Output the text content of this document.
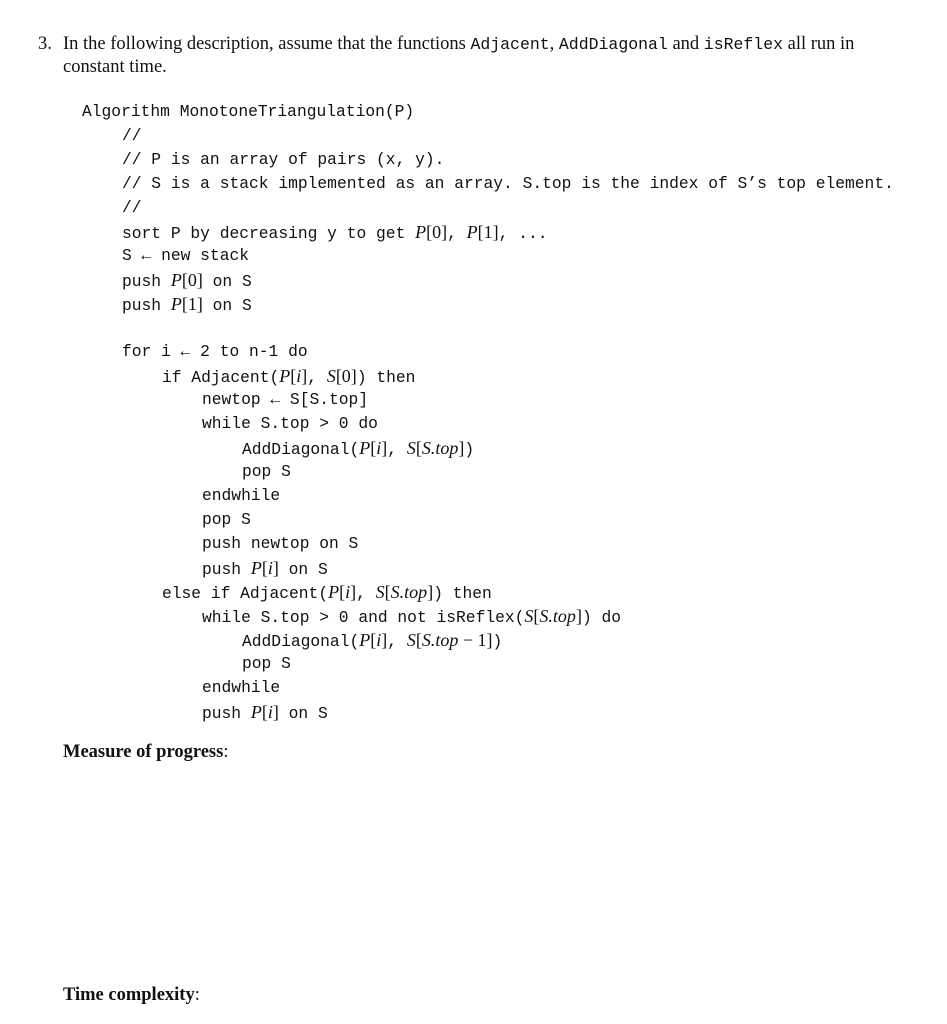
3. In the following description, assume that the functions Adjacent, AddDiagonal and isReflex all run in constant time.
Algorithm MonotoneTriangulation(P)
//
// P is an array of pairs (x, y).
// S is a stack implemented as an array. S.top is the index of S’s top element.
//
sort P by decreasing y to get P[0], P[1], ...
S ← new stack
push P[0] on S
push P[1] on S
for i ← 2 to n-1 do
if Adjacent(P[i], S[0]) then
newtop ← S[S.top]
while S.top > 0 do
AddDiagonal(P[i], S[S.top])
pop S
endwhile
pop S
push newtop on S
push P[i] on S
else if Adjacent(P[i], S[S.top]) then
while S.top > 0 and not isReflex(S[S.top]) do
AddDiagonal(P[i], S[S.top − 1])
pop S
endwhile
push P[i] on S
Measure of progress:
Time complexity:
